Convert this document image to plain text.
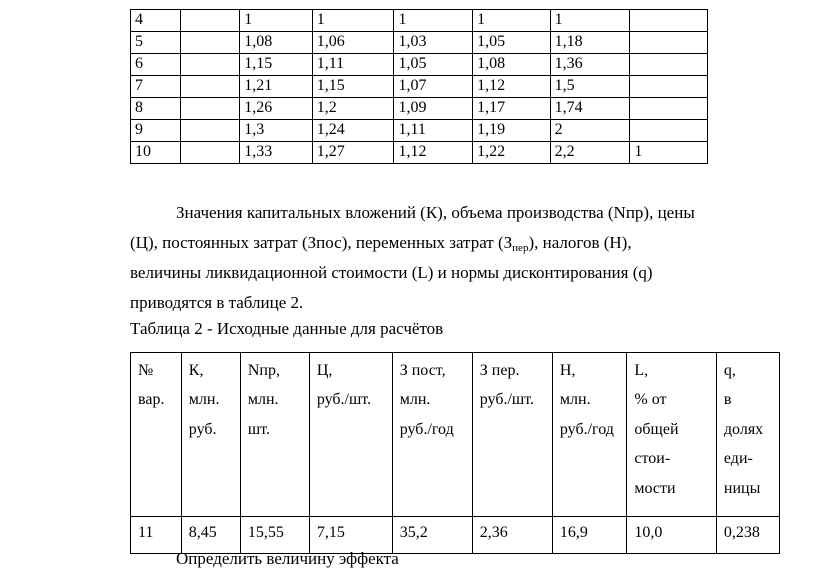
4		1	1	1	1	1	
5		1,08	1,06	1,03	1,05	1,18	
6		1,15	1,11	1,05	1,08	1,36	
7		1,21	1,15	1,07	1,12	1,5	
8		1,26	1,2	1,09	1,17	1,74	
9		1,3	1,24	1,11	1,19	2	
10		1,33	1,27	1,12	1,22	2,2	1

Значения капитальных вложений (К), объема производства (Nпр), цены
(Ц), постоянных затрат (Зпос), переменных затрат $(З_{пер})$, налогов (Н),
величины ликвидационной стоимости (L) и нормы дисконтирования (q)
приводятся в таблице 2.

Таблица 2 - Исходные данные для расчётов
№
вар.	К,
млн.
руб.	Nпр,
млн.
шт.	Ц,
руб./шт.	З пост,
млн.
руб./год	З пер.
руб./шт.	Н,
млн.
руб./год	L,
% от
общей
стои-
мости	q,
в
долях
еди-
ницы

11	8,45	15,55	7,15	35,2	2,36	16,9	10,0	0,238
Определить величину эффекта
